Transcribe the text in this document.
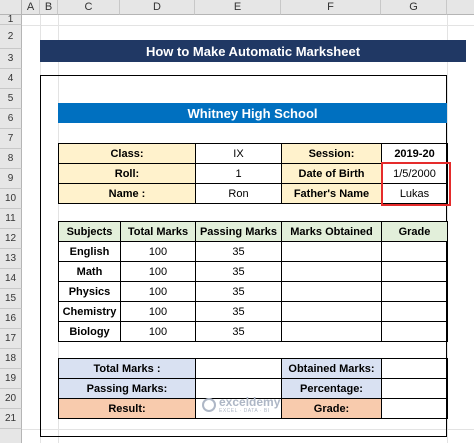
A B	C	D	E	F	G
1
2
3
4
5
6
7
8
9
10
11
12
13
14
15
16
17
18
19
20
21
How to Make Automatic Marksheet
Whitney High School
Class:	IX	Session:	2019-20
Roll:	1	Date of Birth	1/5/2000
Name :	Ron	Father's Name	Lukas
Subjects	Total Marks	Passing Marks	Marks Obtained	Grade
English	100	35		
Math	100	35		
Physics	100	35		
Chemistry	100	35		
Biology	100	35		
Total Marks :		Obtained Marks:	
Passing Marks:		Percentage:	
Result:		Grade:	
exceldemy
EXCEL · DATA · BI
